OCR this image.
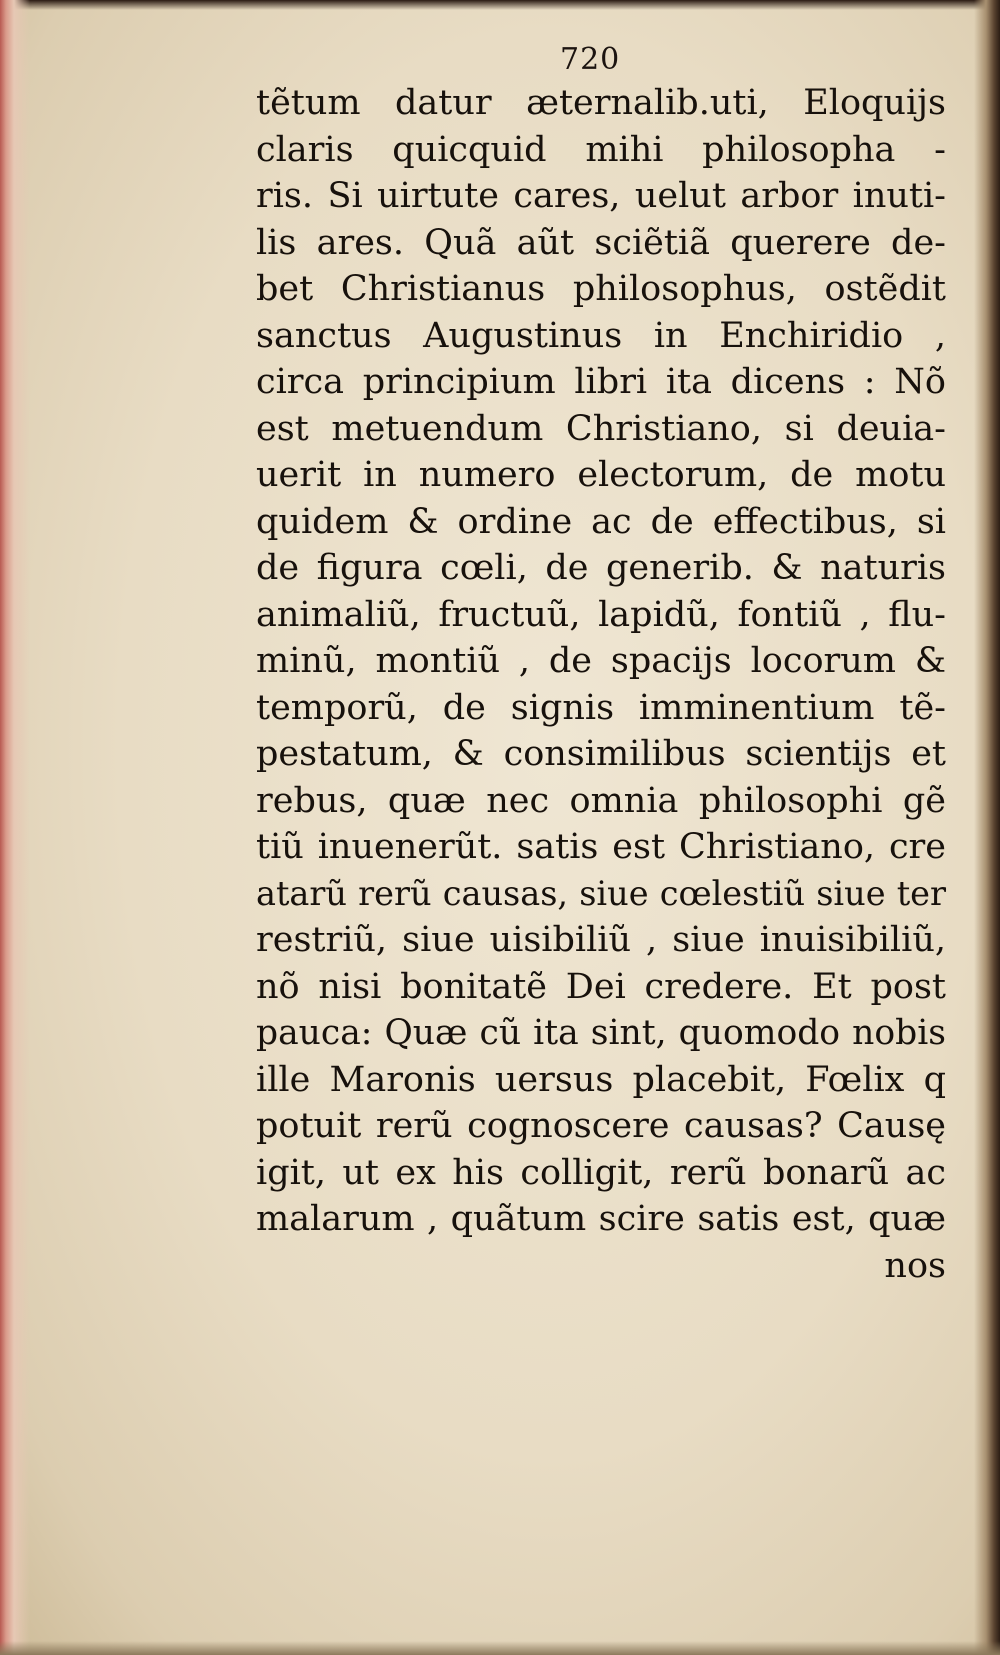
720
tẽtum datur æternalib.uti, Eloquijs
claris quicquid mihi philosopha -
ris. Si uirtute cares, uelut arbor inuti-
lis ares. Quã aũt sciẽtiã querere de-
bet Christianus philosophus, ostẽdit
sanctus Augustinus in Enchiridio ,
circa principium libri ita dicens : Nõ
est metuendum Christiano, si deuia-
uerit in numero electorum, de motu
quidem & ordine ac de effectibus, si
de figura cœli, de generib. & naturis
animaliũ, fructuũ, lapidũ, fontiũ , flu-
minũ, montiũ , de spacijs locorum &
temporũ, de signis imminentium tẽ-
pestatum, & consimilibus scientijs et
rebus, quæ nec omnia philosophi gẽ
tiũ inuenerũt. satis est Christiano, cre
atarũ rerũ causas, siue cœlestiũ siue ter
restriũ, siue uisibiliũ , siue inuisibiliũ,
nõ nisi bonitatẽ Dei credere. Et post
pauca: Quæ cũ ita sint, quomodo nobis
ille Maronis uersus placebit, Fœlix q
potuit rerũ cognoscere causas? Causę
igit, ut ex his colligit, rerũ bonarũ ac
malarum , quãtum scire satis est, quæ
nos
